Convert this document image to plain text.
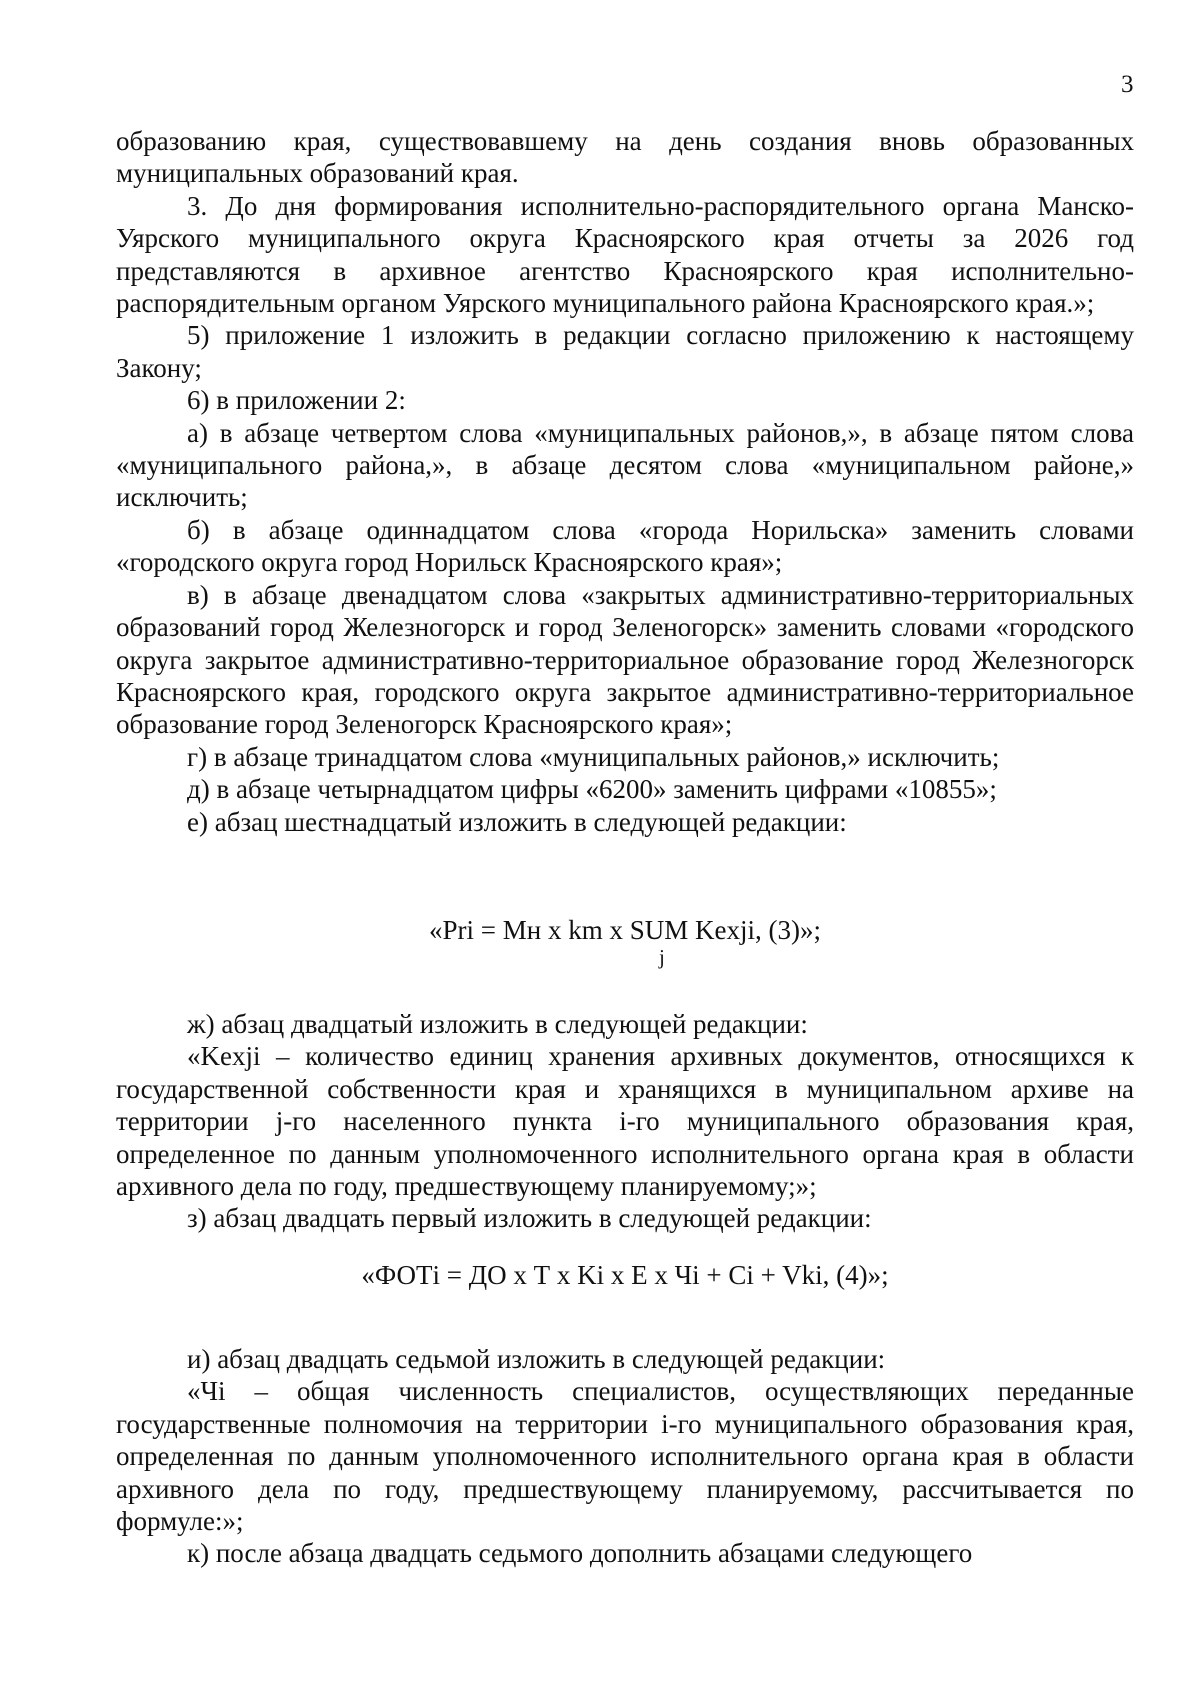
3

образованию края, существовавшему на день создания вновь образованных муниципальных образований края.

3. До дня формирования исполнительно-распорядительного органа Манско-Уярского муниципального округа Красноярского края отчеты за 2026 год представляются в архивное агентство Красноярского края исполнительно-распорядительным органом Уярского муниципального района Красноярского края.»;

5) приложение 1 изложить в редакции согласно приложению к настоящему Закону;

6) в приложении 2:

а) в абзаце четвертом слова «муниципальных районов,», в абзаце пятом слова «муниципального района,», в абзаце десятом слова «муниципальном районе,» исключить;

б) в абзаце одиннадцатом слова «города Норильска» заменить словами «городского округа город Норильск Красноярского края»;

в) в абзаце двенадцатом слова «закрытых административно-территориальных образований город Железногорск и город Зеленогорск» заменить словами «городского округа закрытое административно-территориальное образование город Железногорск Красноярского края, городского округа закрытое административно-территориальное образование город Зеленогорск Красноярского края»;

г) в абзаце тринадцатом слова «муниципальных районов,» исключить;

д) в абзаце четырнадцатом цифры «6200» заменить цифрами «10855»;

е) абзац шестнадцатый изложить в следующей редакции:

«Pri = Mн x km x SUM Kexji, (3)»;
j

ж) абзац двадцатый изложить в следующей редакции:

«Kexji – количество единиц хранения архивных документов, относящихся к государственной собственности края и хранящихся в муниципальном архиве на территории j-го населенного пункта i-го муниципального образования края, определенное по данным уполномоченного исполнительного органа края в области архивного дела по году, предшествующему планируемому;»;

з) абзац двадцать первый изложить в следующей редакции:

«ФОТi = ДО x Т x Ki x E x Чi + Ci + Vki, (4)»;

и) абзац двадцать седьмой изложить в следующей редакции:

«Чi – общая численность специалистов, осуществляющих переданные государственные полномочия на территории i-го муниципального образования края, определенная по данным уполномоченного исполнительного органа края в области архивного дела по году, предшествующему планируемому, рассчитывается по формуле:»;

к) после абзаца двадцать седьмого дополнить абзацами следующего
